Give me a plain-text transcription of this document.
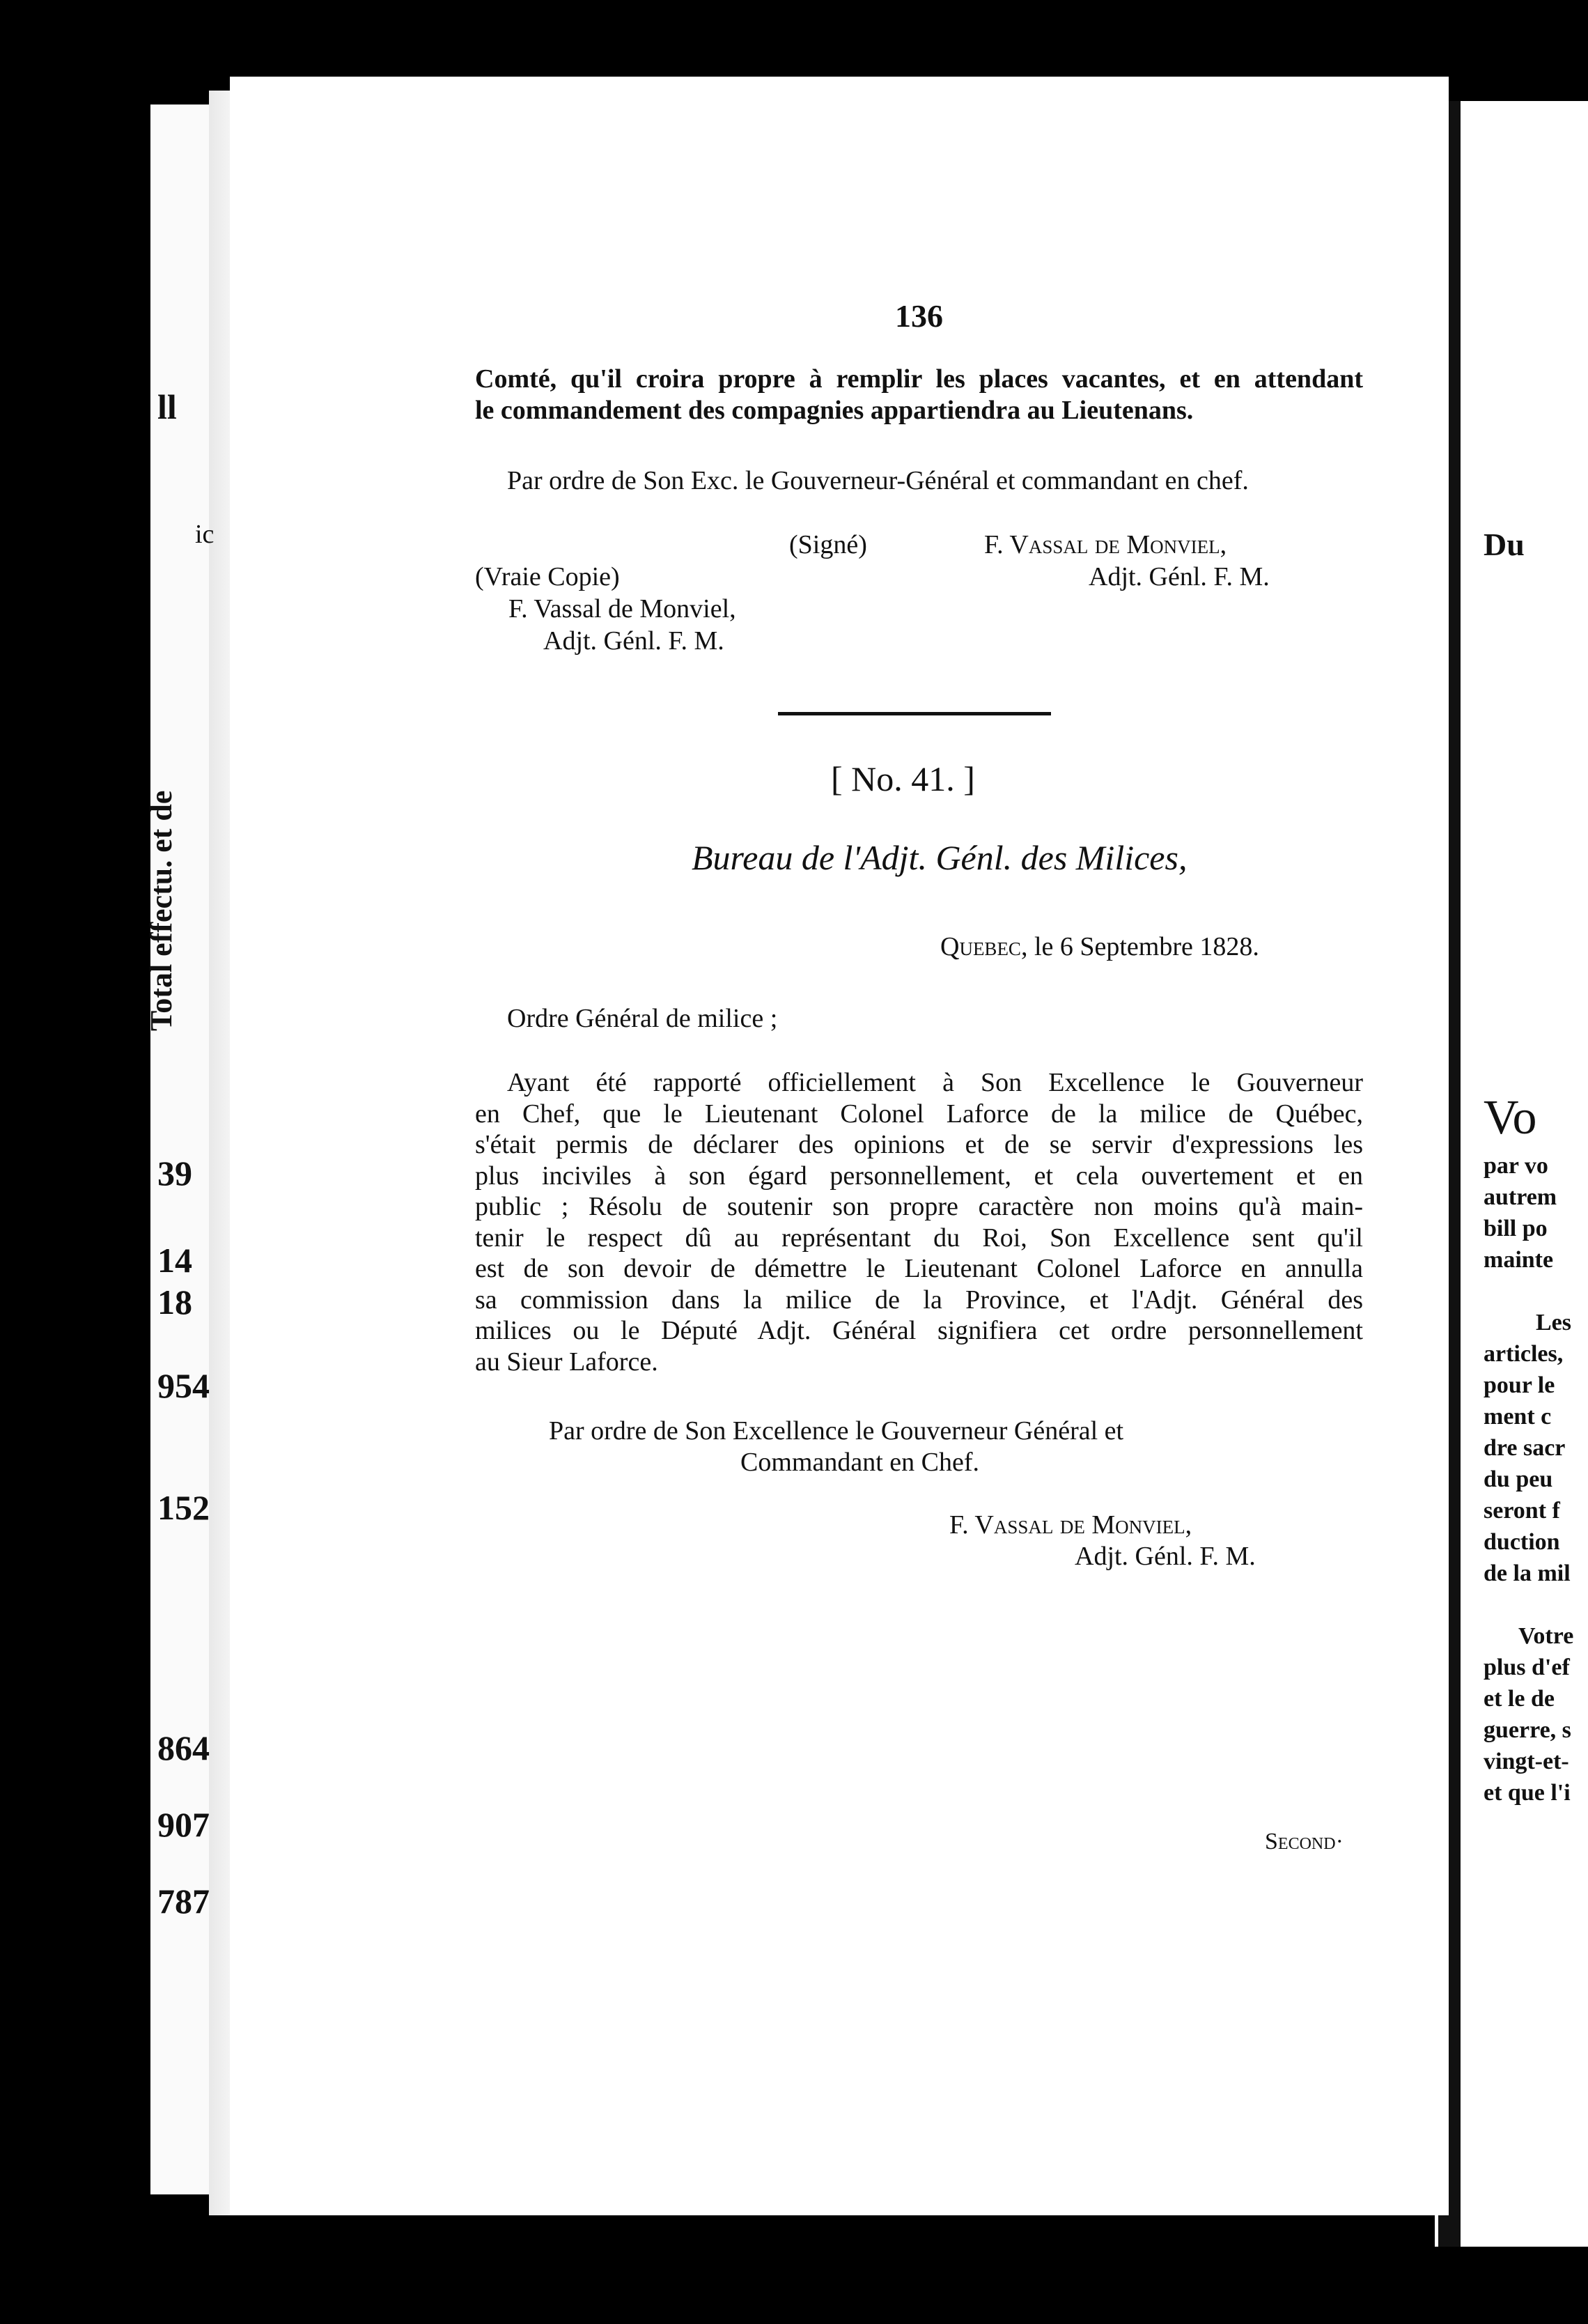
ll
ic
39
14
18
954
152
864
907
787
Total effectu. et de
Du
Vo
par vo
autrem
bill po
mainte
Les
articles,
pour le
ment c
dre sacr
du peu
seront f
duction
de la mil
Votre
plus d'ef
et le de
guerre, s
vingt-et-
et que l'i
136
Comté, qu'il croira propre à remplir les places vacantes, et en attendant
le commandement des compagnies appartiendra au Lieutenans.
Par ordre de Son Exc. le Gouverneur-Général et commandant en chef.
(Signé)	F. Vassal de Monviel,
Adjt. Génl. F. M.
(Vraie Copie)
F. Vassal de Monviel,
Adjt. Génl. F. M.
[ No. 41. ]
Bureau de l'Adjt. Génl. des Milices,
Quebec, le 6 Septembre 1828.
Ordre Général de milice ;
Ayant été rapporté officiellement à Son Excellence le Gouverneur
en Chef, que le Lieutenant Colonel Laforce de la milice de Québec,
s'était permis de déclarer des opinions et de se servir d'expressions les
plus inciviles à son égard personnellement, et cela ouvertement et en
public ; Résolu de soutenir son propre caractère non moins qu'à main-
tenir le respect dû au représentant du Roi, Son Excellence sent qu'il
est de son devoir de démettre le Lieutenant Colonel Laforce en annulla
sa commission dans la milice de la Province, et l'Adjt. Général des
milices ou le Député Adjt. Général signifiera cet ordre personnellement
au Sieur Laforce.
Par ordre de Son Excellence le Gouverneur Général et
Commandant en Chef.
F. Vassal de Monviel,
Adjt. Génl. F. M.
Second·
